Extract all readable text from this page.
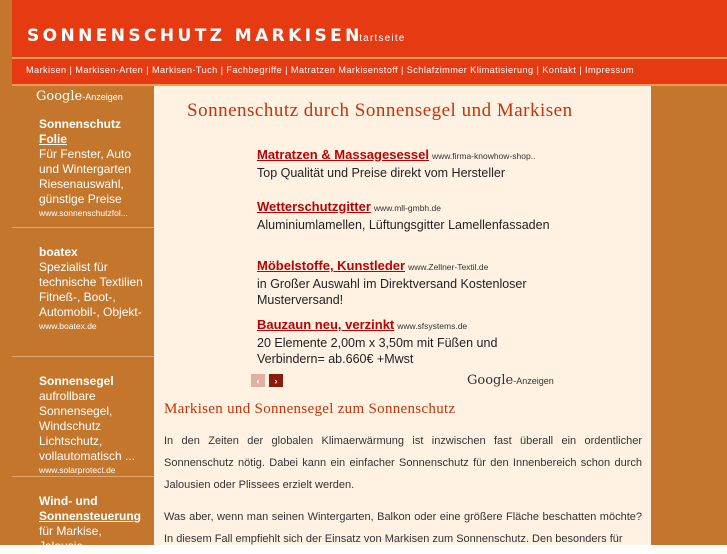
SONNENSCHUTZ MARKISEN
startseite
Markisen | Markisen-Arten | Markisen-Tuch | Fachbegriffe | Matratzen Markisenstoff | Schlafzimmer Klimatisierung | Kontakt | Impressum
Google -Anzeigen
Sonnenschutz
Folie
Für Fenster, Auto und Wintergarten Riesenauswahl, günstige Preise
www.sonnenschutzfol...
boatex
Spezialist für technische Textilien Fitneß-, Boot-, Automobil-, Objekt-
www.boatex.de
Sonnensegel
aufrollbare Sonnensegel, Windschutz Lichtschutz, vollautomatisch ...
www.solarprotect.de
Wind- und
Sonnensteuerung
für Markise, Jalousie
Sonnenschutz durch Sonnensegel und Markisen
Matratzen & Massagesessel www.firma-knowhow-shop..
Top Qualität und Preise direkt vom Hersteller
Wetterschutzgitter www.mll-gmbh.de
Aluminiumlamellen, Lüftungsgitter Lamellenfassaden
Möbelstoffe, Kunstleder www.Zellner-Textil.de
in Großer Auswahl im Direktversand Kostenloser Musterversand!
Bauzaun neu, verzinkt www.sfsystems.de
20 Elemente 2,00m x 3,50m mit Füßen und Verbindern= ab.660€ +Mwst
‹	›	Google -Anzeigen
Markisen und Sonnensegel zum Sonnenschutz
In den Zeiten der globalen Klimaerwärmung ist inzwischen fast überall ein ordentlicher Sonnenschutz nötig. Dabei kann ein einfacher Sonnenschutz für den Innenbereich schon durch Jalousien oder Plissees erzielt werden.
Was aber, wenn man seinen Wintergarten, Balkon oder eine größere Fläche beschatten möchte? In diesem Fall empfiehlt sich der Einsatz von Markisen zum Sonnenschutz. Den besonders für
